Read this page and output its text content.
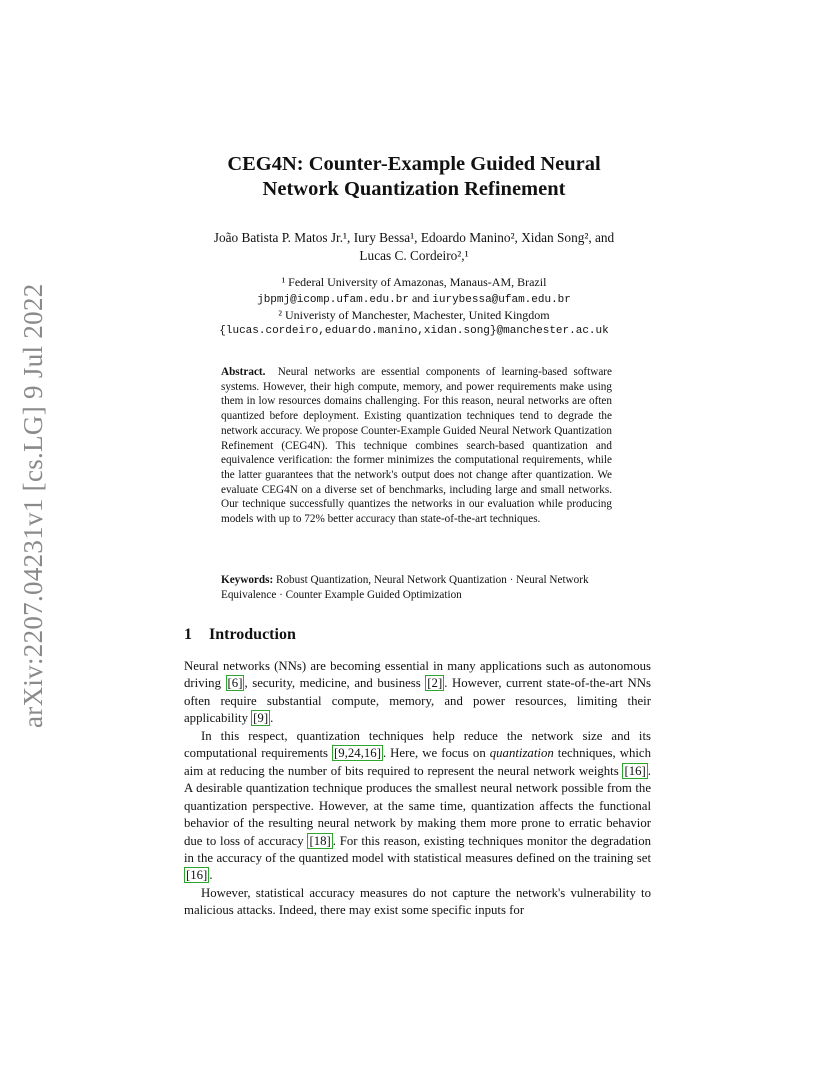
arXiv:2207.04231v1 [cs.LG] 9 Jul 2022
CEG4N: Counter-Example Guided Neural
Network Quantization Refinement
João Batista P. Matos Jr.¹, Iury Bessa¹, Edoardo Manino², Xidan Song², and
Lucas C. Cordeiro²,¹
¹ Federal University of Amazonas, Manaus-AM, Brazil
jbpmj@icomp.ufam.edu.br and iurybessa@ufam.edu.br
² Univeristy of Manchester, Machester, United Kingdom
{lucas.cordeiro,eduardo.manino,xidan.song}@manchester.ac.uk

Abstract. Neural networks are essential components of learning-based software systems. However, their high compute, memory, and power requirements make using them in low resources domains challenging. For this reason, neural networks are often quantized before deployment. Existing quantization techniques tend to degrade the network accuracy. We propose Counter-Example Guided Neural Network Quantization Refinement (CEG4N). This technique combines search-based quantization and equivalence verification: the former minimizes the computational requirements, while the latter guarantees that the network's output does not change after quantization. We evaluate CEG4N on a diverse set of benchmarks, including large and small networks. Our technique successfully quantizes the networks in our evaluation while producing models with up to 72% better accuracy than state-of-the-art techniques.

Keywords: Robust Quantization, Neural Network Quantization · Neural Network Equivalence · Counter Example Guided Optimization
1 Introduction

Neural networks (NNs) are becoming essential in many applications such as autonomous driving [6] , security, medicine, and business [2] . However, current state-of-the-art NNs often require substantial compute, memory, and power resources, limiting their applicability [9] .

In this respect, quantization techniques help reduce the network size and its computational requirements [9,24,16] . Here, we focus on quantization techniques, which aim at reducing the number of bits required to represent the neural network weights [16] . A desirable quantization technique produces the smallest neural network possible from the quantization perspective. However, at the same time, quantization affects the functional behavior of the resulting neural network by making them more prone to erratic behavior due to loss of accuracy [18] . For this reason, existing techniques monitor the degradation in the accuracy of the quantized model with statistical measures defined on the training set [16] .

However, statistical accuracy measures do not capture the network's vulnerability to malicious attacks. Indeed, there may exist some specific inputs for
